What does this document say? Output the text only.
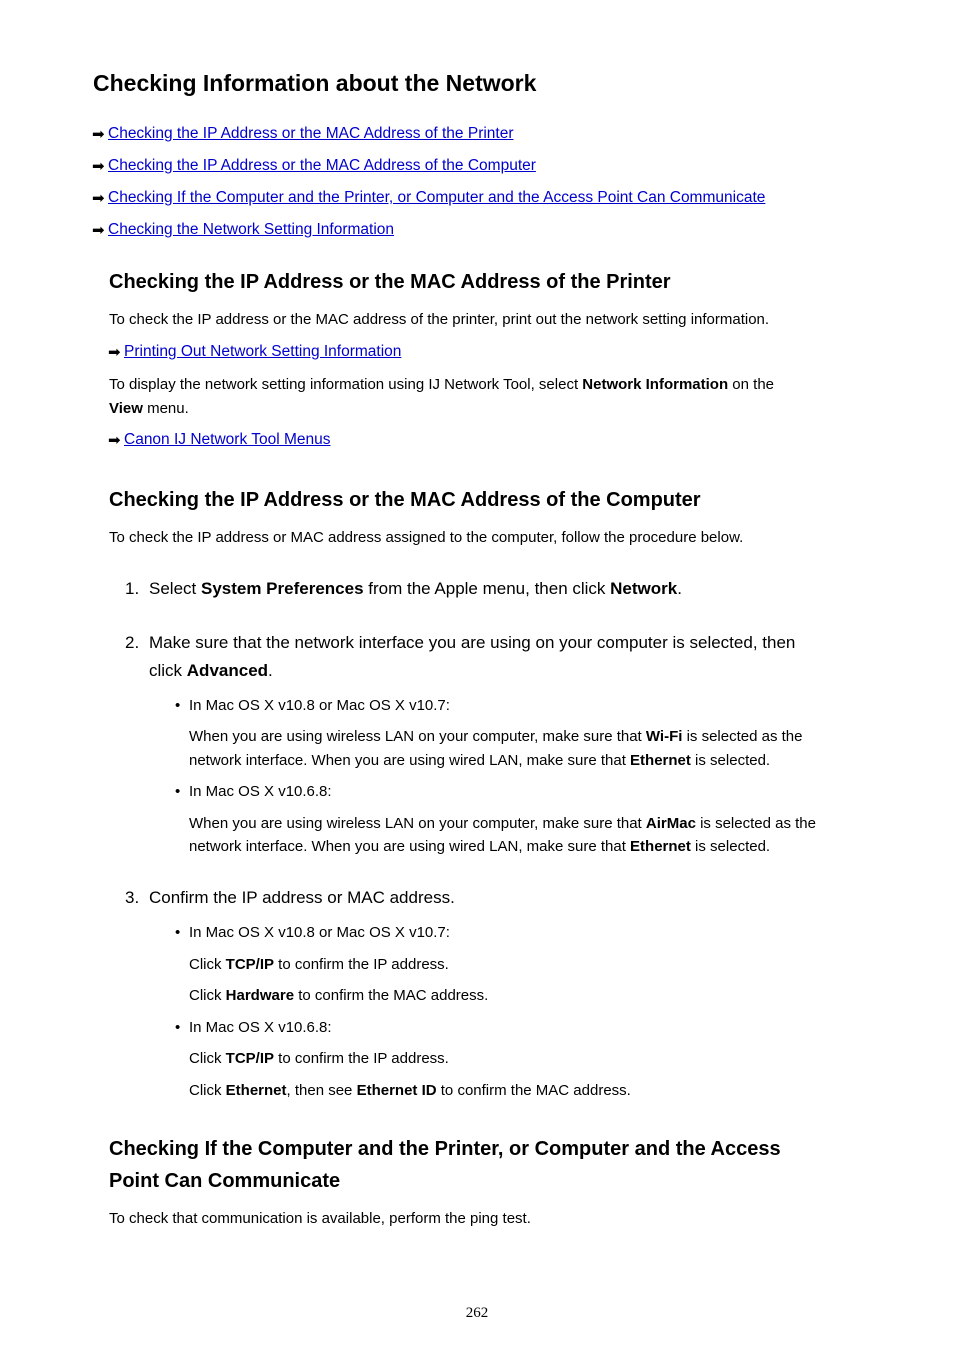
Checking Information about the Network
➡ Checking the IP Address or the MAC Address of the Printer
➡ Checking the IP Address or the MAC Address of the Computer
➡ Checking If the Computer and the Printer, or Computer and the Access Point Can Communicate
➡ Checking the Network Setting Information
Checking the IP Address or the MAC Address of the Printer
To check the IP address or the MAC address of the printer, print out the network setting information.
➡ Printing Out Network Setting Information
To display the network setting information using IJ Network Tool, select Network Information on the
View menu.
➡ Canon IJ Network Tool Menus
Checking the IP Address or the MAC Address of the Computer
To check the IP address or MAC address assigned to the computer, follow the procedure below.
1. Select System Preferences from the Apple menu, then click Network.
2. Make sure that the network interface you are using on your computer is selected, then
click Advanced.
• In Mac OS X v10.8 or Mac OS X v10.7:
When you are using wireless LAN on your computer, make sure that Wi-Fi is selected as the
network interface. When you are using wired LAN, make sure that Ethernet is selected.
• In Mac OS X v10.6.8:
When you are using wireless LAN on your computer, make sure that AirMac is selected as the
network interface. When you are using wired LAN, make sure that Ethernet is selected.
3. Confirm the IP address or MAC address.
• In Mac OS X v10.8 or Mac OS X v10.7:
Click TCP/IP to confirm the IP address.
Click Hardware to confirm the MAC address.
• In Mac OS X v10.6.8:
Click TCP/IP to confirm the IP address.
Click Ethernet, then see Ethernet ID to confirm the MAC address.
Checking If the Computer and the Printer, or Computer and the Access
Point Can Communicate
To check that communication is available, perform the ping test.
262
